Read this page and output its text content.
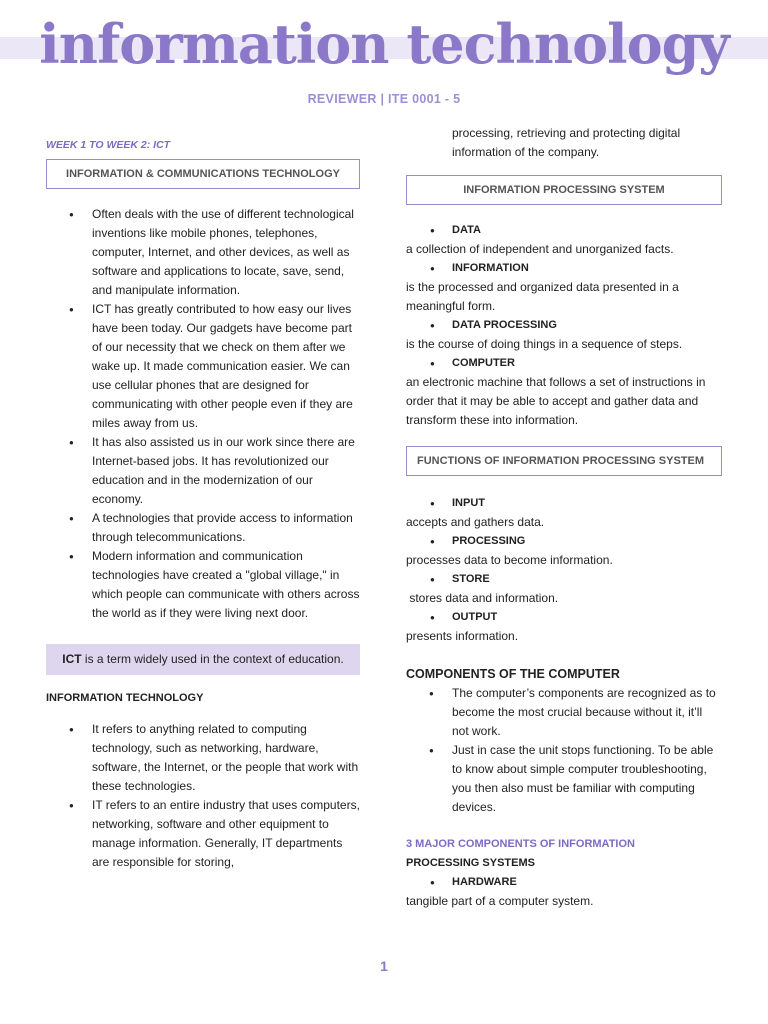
information technology
REVIEWER | ITE 0001 - 5
WEEK 1 TO WEEK 2: ICT
INFORMATION & COMMUNICATIONS TECHNOLOGY
● Often deals with the use of different technological inventions like mobile phones, telephones, computer, Internet, and other devices, as well as software and applications to locate, save, send, and manipulate information.
● ICT has greatly contributed to how easy our lives have been today. Our gadgets have become part of our necessity that we check on them after we wake up. It made communication easier. We can use cellular phones that are designed for communicating with other people even if they are miles away from us.
● It has also assisted us in our work since there are Internet-based jobs. It has revolutionized our education and in the modernization of our economy.
● A technologies that provide access to information through telecommunications.
● Modern information and communication technologies have created a "global village," in which people can communicate with others across the world as if they were living next door.
ICT is a term widely used in the context of education.
INFORMATION TECHNOLOGY
● It refers to anything related to computing technology, such as networking, hardware, software, the Internet, or the people that work with these technologies.
● IT refers to an entire industry that uses computers, networking, software and other equipment to manage information. Generally, IT departments are responsible for storing,
processing, retrieving and protecting digital information of the company.
INFORMATION PROCESSING SYSTEM
● DATA
a collection of independent and unorganized facts.
● INFORMATION
is the processed and organized data presented in a meaningful form.
● DATA PROCESSING
is the course of doing things in a sequence of steps.
● COMPUTER
an electronic machine that follows a set of instructions in order that it may be able to accept and gather data and transform these into information.
FUNCTIONS OF INFORMATION PROCESSING SYSTEM
● INPUT
accepts and gathers data.
● PROCESSING
processes data to become information.
● STORE
stores data and information.
● OUTPUT
presents information.
COMPONENTS OF THE COMPUTER
● The computer’s components are recognized as to become the most crucial because without it, it’ll not work.
● Just in case the unit stops functioning. To be able to know about simple computer troubleshooting, you then also must be familiar with computing devices.
3 MAJOR COMPONENTS OF INFORMATION
PROCESSING SYSTEMS
● HARDWARE
tangible part of a computer system.
1
